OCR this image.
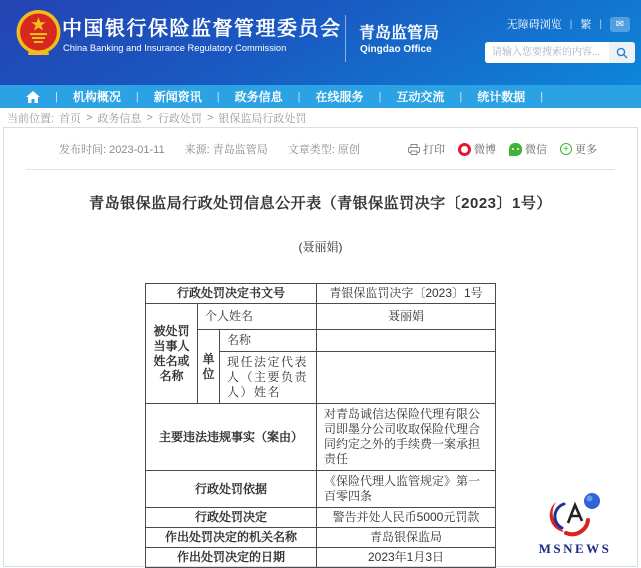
中国银行保险监督管理委员会
China Banking and Insurance Regulatory Commission
青岛监管局
Qingdao Office
无障碍浏览 | 繁 |	✉
请输入您要搜索的内容...
| 机构概况 | 新闻资讯 | 政务信息 | 在线服务 | 互动交流 | 统计数据 |
当前位置: 首页 > 政务信息 > 行政处罚 > 银保监局行政处罚
发布时间: 2023-01-11 来源: 青岛监管局 文章类型: 原创	打印	微博	微信	+ 更多
青岛银保监局行政处罚信息公开表（青银保监罚决字〔2023〕1号）
(聂丽娟)
行政处罚决定书文号			青银保监罚决字〔2023〕1号
被处罚当事人姓名或名称	个人姓名		聂丽娟
	单位	名称	
		现任法定代表人（主要负责人）姓名	
主要违法违规事实（案由）			对青岛诚信达保险代理有限公司即墨分公司收取保险代理合同约定之外的手续费一案承担责任
行政处罚依据			《保险代理人监管规定》第一百零四条
行政处罚决定			警告并处人民币5000元罚款
作出处罚决定的机关名称			青岛银保监局
作出处罚决定的日期			2023年1月3日
MSNEWS
